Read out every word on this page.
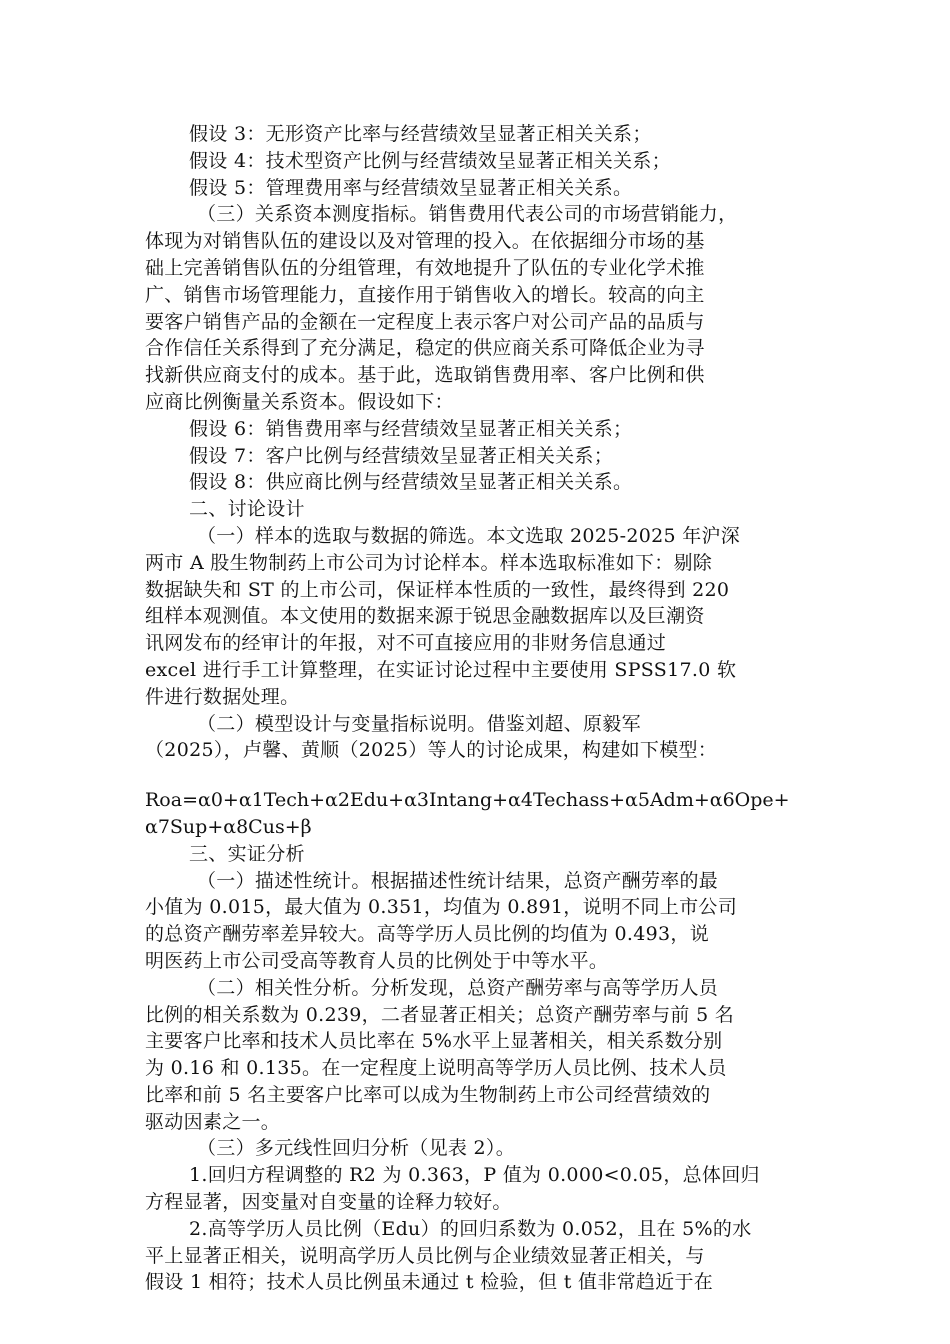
假设 3：无形资产比率与经营绩效呈显著正相关关系；
假设 4：技术型资产比例与经营绩效呈显著正相关关系；
假设 5：管理费用率与经营绩效呈显著正相关关系。
（三）关系资本测度指标。销售费用代表公司的市场营销能力，
体现为对销售队伍的建设以及对管理的投入。在依据细分市场的基
础上完善销售队伍的分组管理，有效地提升了队伍的专业化学术推
广、销售市场管理能力，直接作用于销售收入的增长。较高的向主
要客户销售产品的金额在一定程度上表示客户对公司产品的品质与
合作信任关系得到了充分满足，稳定的供应商关系可降低企业为寻
找新供应商支付的成本。基于此，选取销售费用率、客户比例和供
应商比例衡量关系资本。假设如下：
假设 6：销售费用率与经营绩效呈显著正相关关系；
假设 7：客户比例与经营绩效呈显著正相关关系；
假设 8：供应商比例与经营绩效呈显著正相关关系。
二、讨论设计
（一）样本的选取与数据的筛选。本文选取 2025-2025 年沪深
两市 A 股生物制药上市公司为讨论样本。样本选取标准如下：剔除
数据缺失和 ST 的上市公司，保证样本性质的一致性，最终得到 220
组样本观测值。本文使用的数据来源于锐思金融数据库以及巨潮资
讯网发布的经审计的年报，对不可直接应用的非财务信息通过
excel 进行手工计算整理，在实证讨论过程中主要使用 SPSS17.0 软
件进行数据处理。
（二）模型设计与变量指标说明。借鉴刘超、原毅军
（2025），卢馨、黄顺（2025）等人的讨论成果，构建如下模型：
Roa=α0+α1Tech+α2Edu+α3Intang+α4Techass+α5Adm+α6Ope+
α7Sup+α8Cus+β
三、实证分析
（一）描述性统计。根据描述性统计结果，总资产酬劳率的最
小值为 0.015，最大值为 0.351，均值为 0.891，说明不同上市公司
的总资产酬劳率差异较大。高等学历人员比例的均值为 0.493，说
明医药上市公司受高等教育人员的比例处于中等水平。
（二）相关性分析。分析发现，总资产酬劳率与高等学历人员
比例的相关系数为 0.239，二者显著正相关；总资产酬劳率与前 5 名
主要客户比率和技术人员比率在 5%水平上显著相关，相关系数分别
为 0.16 和 0.135。在一定程度上说明高等学历人员比例、技术人员
比率和前 5 名主要客户比率可以成为生物制药上市公司经营绩效的
驱动因素之一。
（三）多元线性回归分析（见表 2）。
1.回归方程调整的 R2 为 0.363，P 值为 0.000<0.05，总体回归
方程显著，因变量对自变量的诠释力较好。
2.高等学历人员比例（Edu）的回归系数为 0.052，且在 5%的水
平上显著正相关，说明高学历人员比例与企业绩效显著正相关，与
假设 1 相符；技术人员比例虽未通过 t 检验，但 t 值非常趋近于在
